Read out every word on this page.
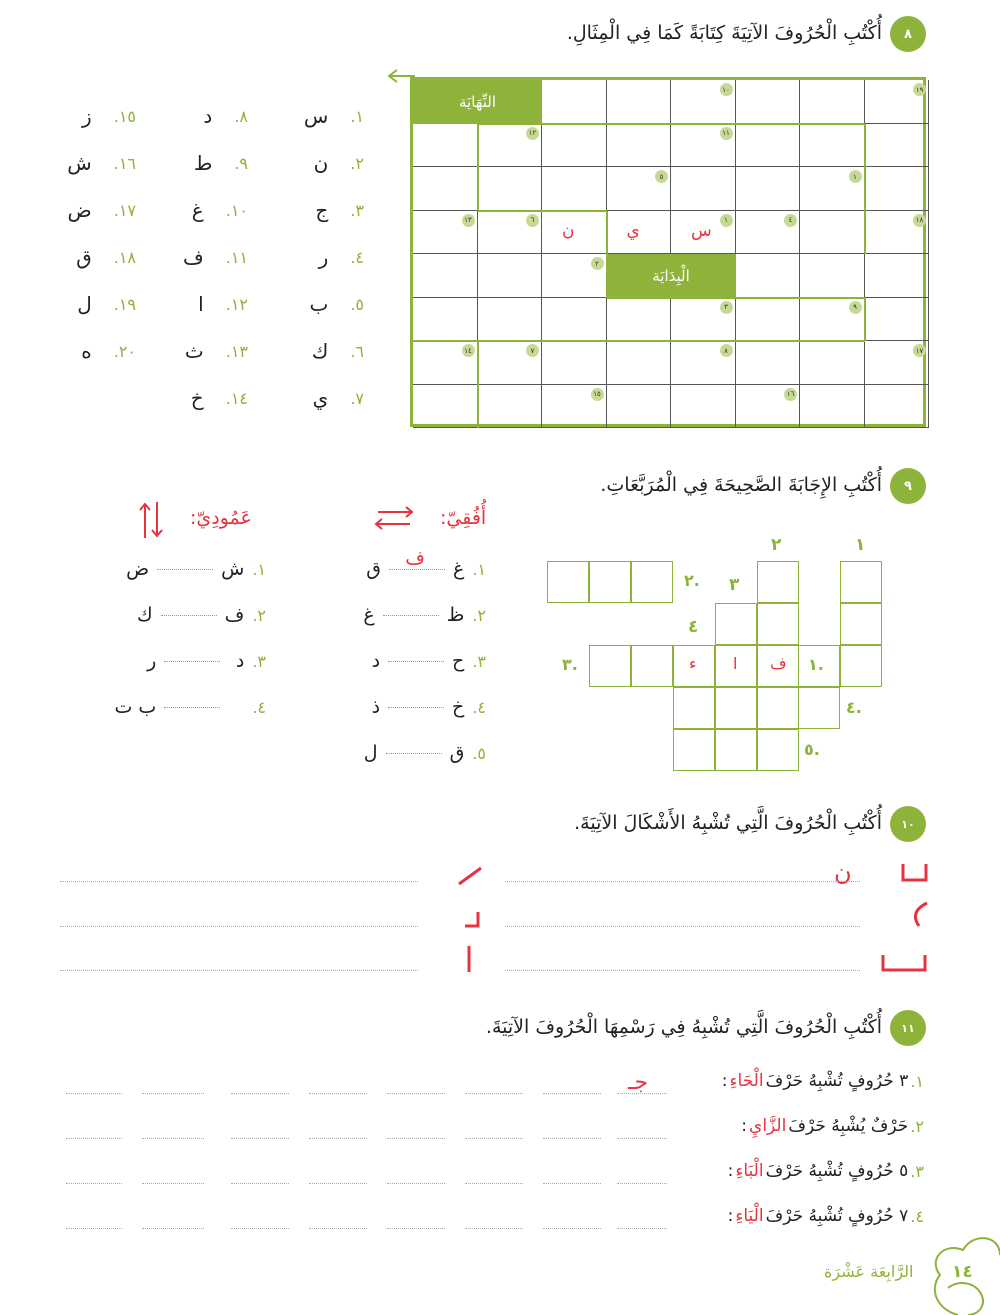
٨
أُكْتُبِ الْحُرُوفَ الآتِيَةَ كِتَابَةً كَمَا فِي الْمِثَالِ.
النِّهَايَة
الْبِدَايَة
١٩
١٠
١٢	١١
١
٥
١٨
٤
١
٦
١٣
٢
٣	٩
١٧
٨
٧
١٤
١٦
١٥
س
ي
ن
١.
س
٢.
ن
٣.
ج
٤.
ر
٥.
ب
٦.
ك
٧.
ي
٨.
د
٩.
ط
١٠.
غ
١١.
ف
١٢.
ا
١٣.
ث
١٤.
خ
١٥.
ز
١٦.
ش
١٧.
ض
١٨.
ق
١٩.
ل
٢٠.
ه
٩
أُكْتُبِ الإِجَابَةَ الصَّحِيحَةَ فِي الْمُرَبَّعَاتِ.
أُفُقِيّ:
عَمُودِيّ:
١.
غ
ف
ق
٢.
ظ
غ
٣.
ح
د
٤.
خ
ذ
٥.
ق
ل
١.
ش
ض
٢.
ف
ك
٣.
د
ر
٤.
ب ت
ف
ا
ء
١
٢
٣
٤
٢.
١.
٣.
٤.
٥.
١٠
أُكْتُبِ الْحُرُوفَ الَّتِي تُشْبِهُ الأَشْكَالَ الآتِيَةَ.
ن
١١
أُكْتُبِ الْحُرُوفَ الَّتِي تُشْبِهُ فِي رَسْمِهَا الْحُرُوفَ الآتِيَةَ.
١.
٣ حُرُوفٍ تُشْبِهُ حَرْفَ
الْحَاءِ
:
٢.
حَرْفٌ يُشْبِهُ حَرْفَ
الزَّايِ
:
٣.
٥ حُرُوفٍ تُشْبِهُ حَرْفَ
الْبَاءِ
:
٤.
٧ حُرُوفٍ تُشْبِهُ حَرْفَ
الْيَاءِ
:
جـ
١٤
الرَّابِعَة عَشْرَة
